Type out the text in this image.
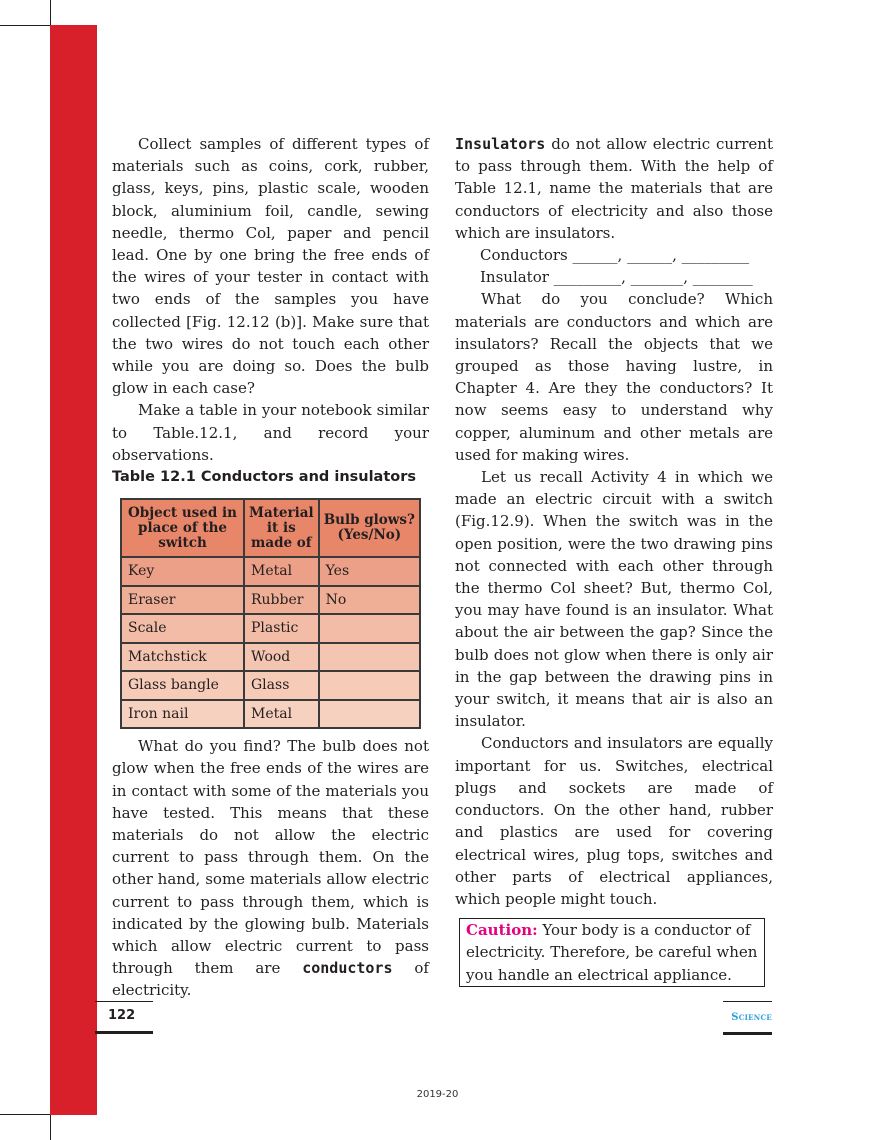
Collect samples of different types of materials such as coins, cork, rubber, glass, keys, pins, plastic scale, wooden block, aluminium foil, candle, sewing needle, thermo Col, paper and pencil lead. One by one bring the free ends of the wires of your tester in contact with two ends of the samples you have collected [Fig. 12.12 (b)]. Make sure that the two wires do not touch each other while you are doing so. Does the bulb glow in each case?

Make a table in your notebook similar to Table.12.1, and record your observations.

Table 12.1 Conductors and insulators

Object used in place of the switch	Material it is made of	Bulb glows? (Yes/No)
Key	Metal	Yes
Eraser	Rubber	No
Scale	Plastic	
Matchstick	Wood	
Glass bangle	Glass	
Iron nail	Metal	

What do you find? The bulb does not glow when the free ends of the wires are in contact with some of the materials you have tested. This means that these materials do not allow the electric current to pass through them. On the other hand, some materials allow electric current to pass through them, which is indicated by the glowing bulb. Materials which allow electric current to pass through them are conductors of electricity.

Insulators do not allow electric current to pass through them. With the help of Table 12.1, name the materials that are conductors of electricity and also those which are insulators.

Conductors ______, ______, _________

Insulator _________, _______, ________

What do you conclude? Which materials are conductors and which are insulators? Recall the objects that we grouped as those having lustre, in Chapter 4. Are they the conductors? It now seems easy to understand why copper, aluminum and other metals are used for making wires.

Let us recall Activity 4 in which we made an electric circuit with a switch (Fig.12.9). When the switch was in the open position, were the two drawing pins not connected with each other through the thermo Col sheet? But, thermo Col, you may have found is an insulator. What about the air between the gap? Since the bulb does not glow when there is only air in the gap between the drawing pins in your switch, it means that air is also an insulator.

Conductors and insulators are equally important for us. Switches, electrical plugs and sockets are made of conductors. On the other hand, rubber and plastics are used for covering electrical wires, plug tops, switches and other parts of electrical appliances, which people might touch.

Caution: Your body is a conductor of electricity. Therefore, be careful when you handle an electrical appliance.
122	Science
2019-20
